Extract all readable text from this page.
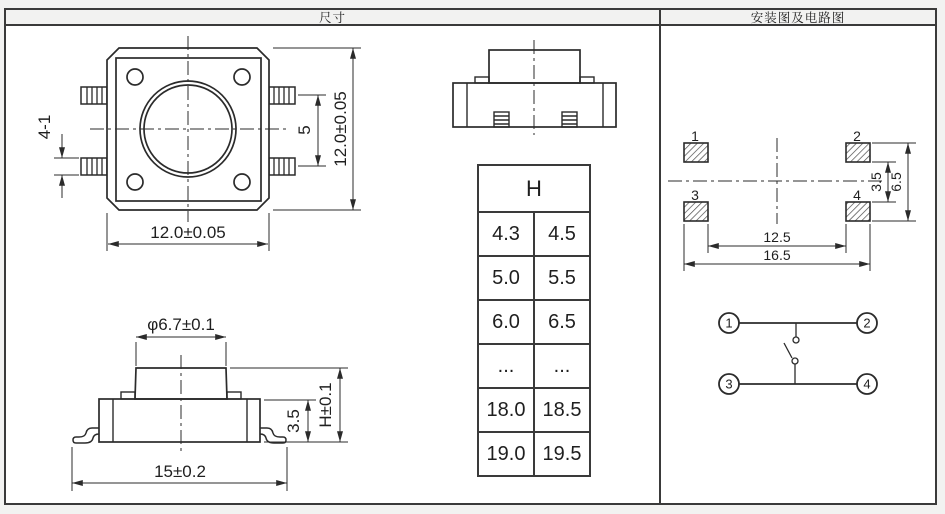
4-1	5 12.0±0.05
12.0±0.05
φ6.7±0.1
3.5 H±0.1
15±0.2
1	2
3	4
3.5 6.5
12.5
16.5
1	2
3	4
尺寸	安装图及电路图
H	
4.3	4.5
5.0	5.5
6.0	6.5
...	...
18.0	18.5
19.0	19.5
